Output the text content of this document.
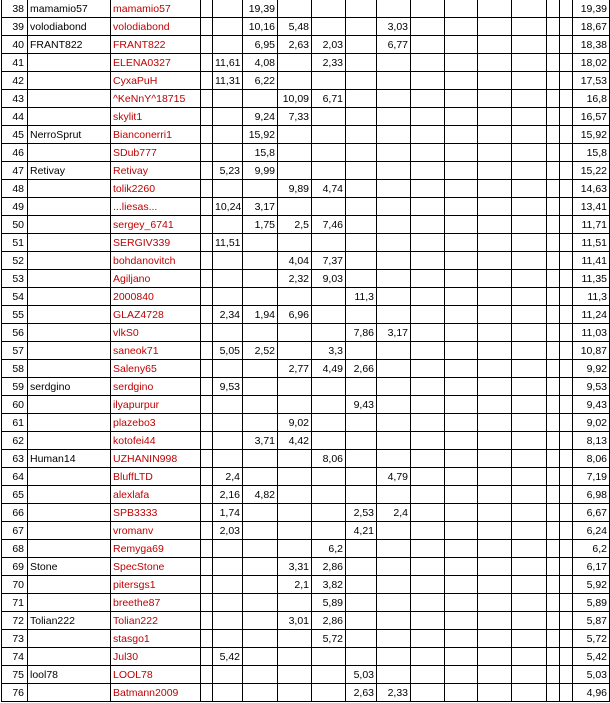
38	mamamio57	mamamio57			19,39											19,39
39	volodiabond	volodiabond			10,16	5,48			3,03							18,67
40	FRANT822	FRANT822			6,95	2,63	2,03		6,77							18,38
41		ELENA0327		11,61	4,08		2,33									18,02
42		CyxaPuH		11,31	6,22											17,53
43		^KeNnY^18715				10,09	6,71									16,8
44		skylit1			9,24	7,33										16,57
45	NerroSprut	Bianconerri1			15,92											15,92
46		SDub777			15,8											15,8
47	Retivay	Retivay		5,23	9,99											15,22
48		tolik2260				9,89	4,74									14,63
49		...liesas...		10,24	3,17											13,41
50		sergey_6741			1,75	2,5	7,46									11,71
51		SERGIV339		11,51												11,51
52		bohdanovitch				4,04	7,37									11,41
53		Agiljano				2,32	9,03									11,35
54		2000840						11,3								11,3
55		GLAZ4728		2,34	1,94	6,96										11,24
56		vlkS0						7,86	3,17							11,03
57		saneok71		5,05	2,52		3,3									10,87
58		Saleny65				2,77	4,49	2,66								9,92
59	serdgino	serdgino		9,53												9,53
60		ilyapurpur						9,43								9,43
61		plazebo3				9,02										9,02
62		kotofei44			3,71	4,42										8,13
63	Human14	UZHANIN998					8,06									8,06
64		BluffLTD		2,4					4,79							7,19
65		alexlafa		2,16	4,82											6,98
66		SPB3333		1,74				2,53	2,4							6,67
67		vromanv		2,03				4,21								6,24
68		Remyga69					6,2									6,2
69	Stone	SpecStone				3,31	2,86									6,17
70		pitersgs1				2,1	3,82									5,92
71		breethe87					5,89									5,89
72	Tolian222	Tolian222				3,01	2,86									5,87
73		stasgo1					5,72									5,72
74		Jul30		5,42												5,42
75	lool78	LOOL78						5,03								5,03
76		Batmann2009						2,63	2,33							4,96
